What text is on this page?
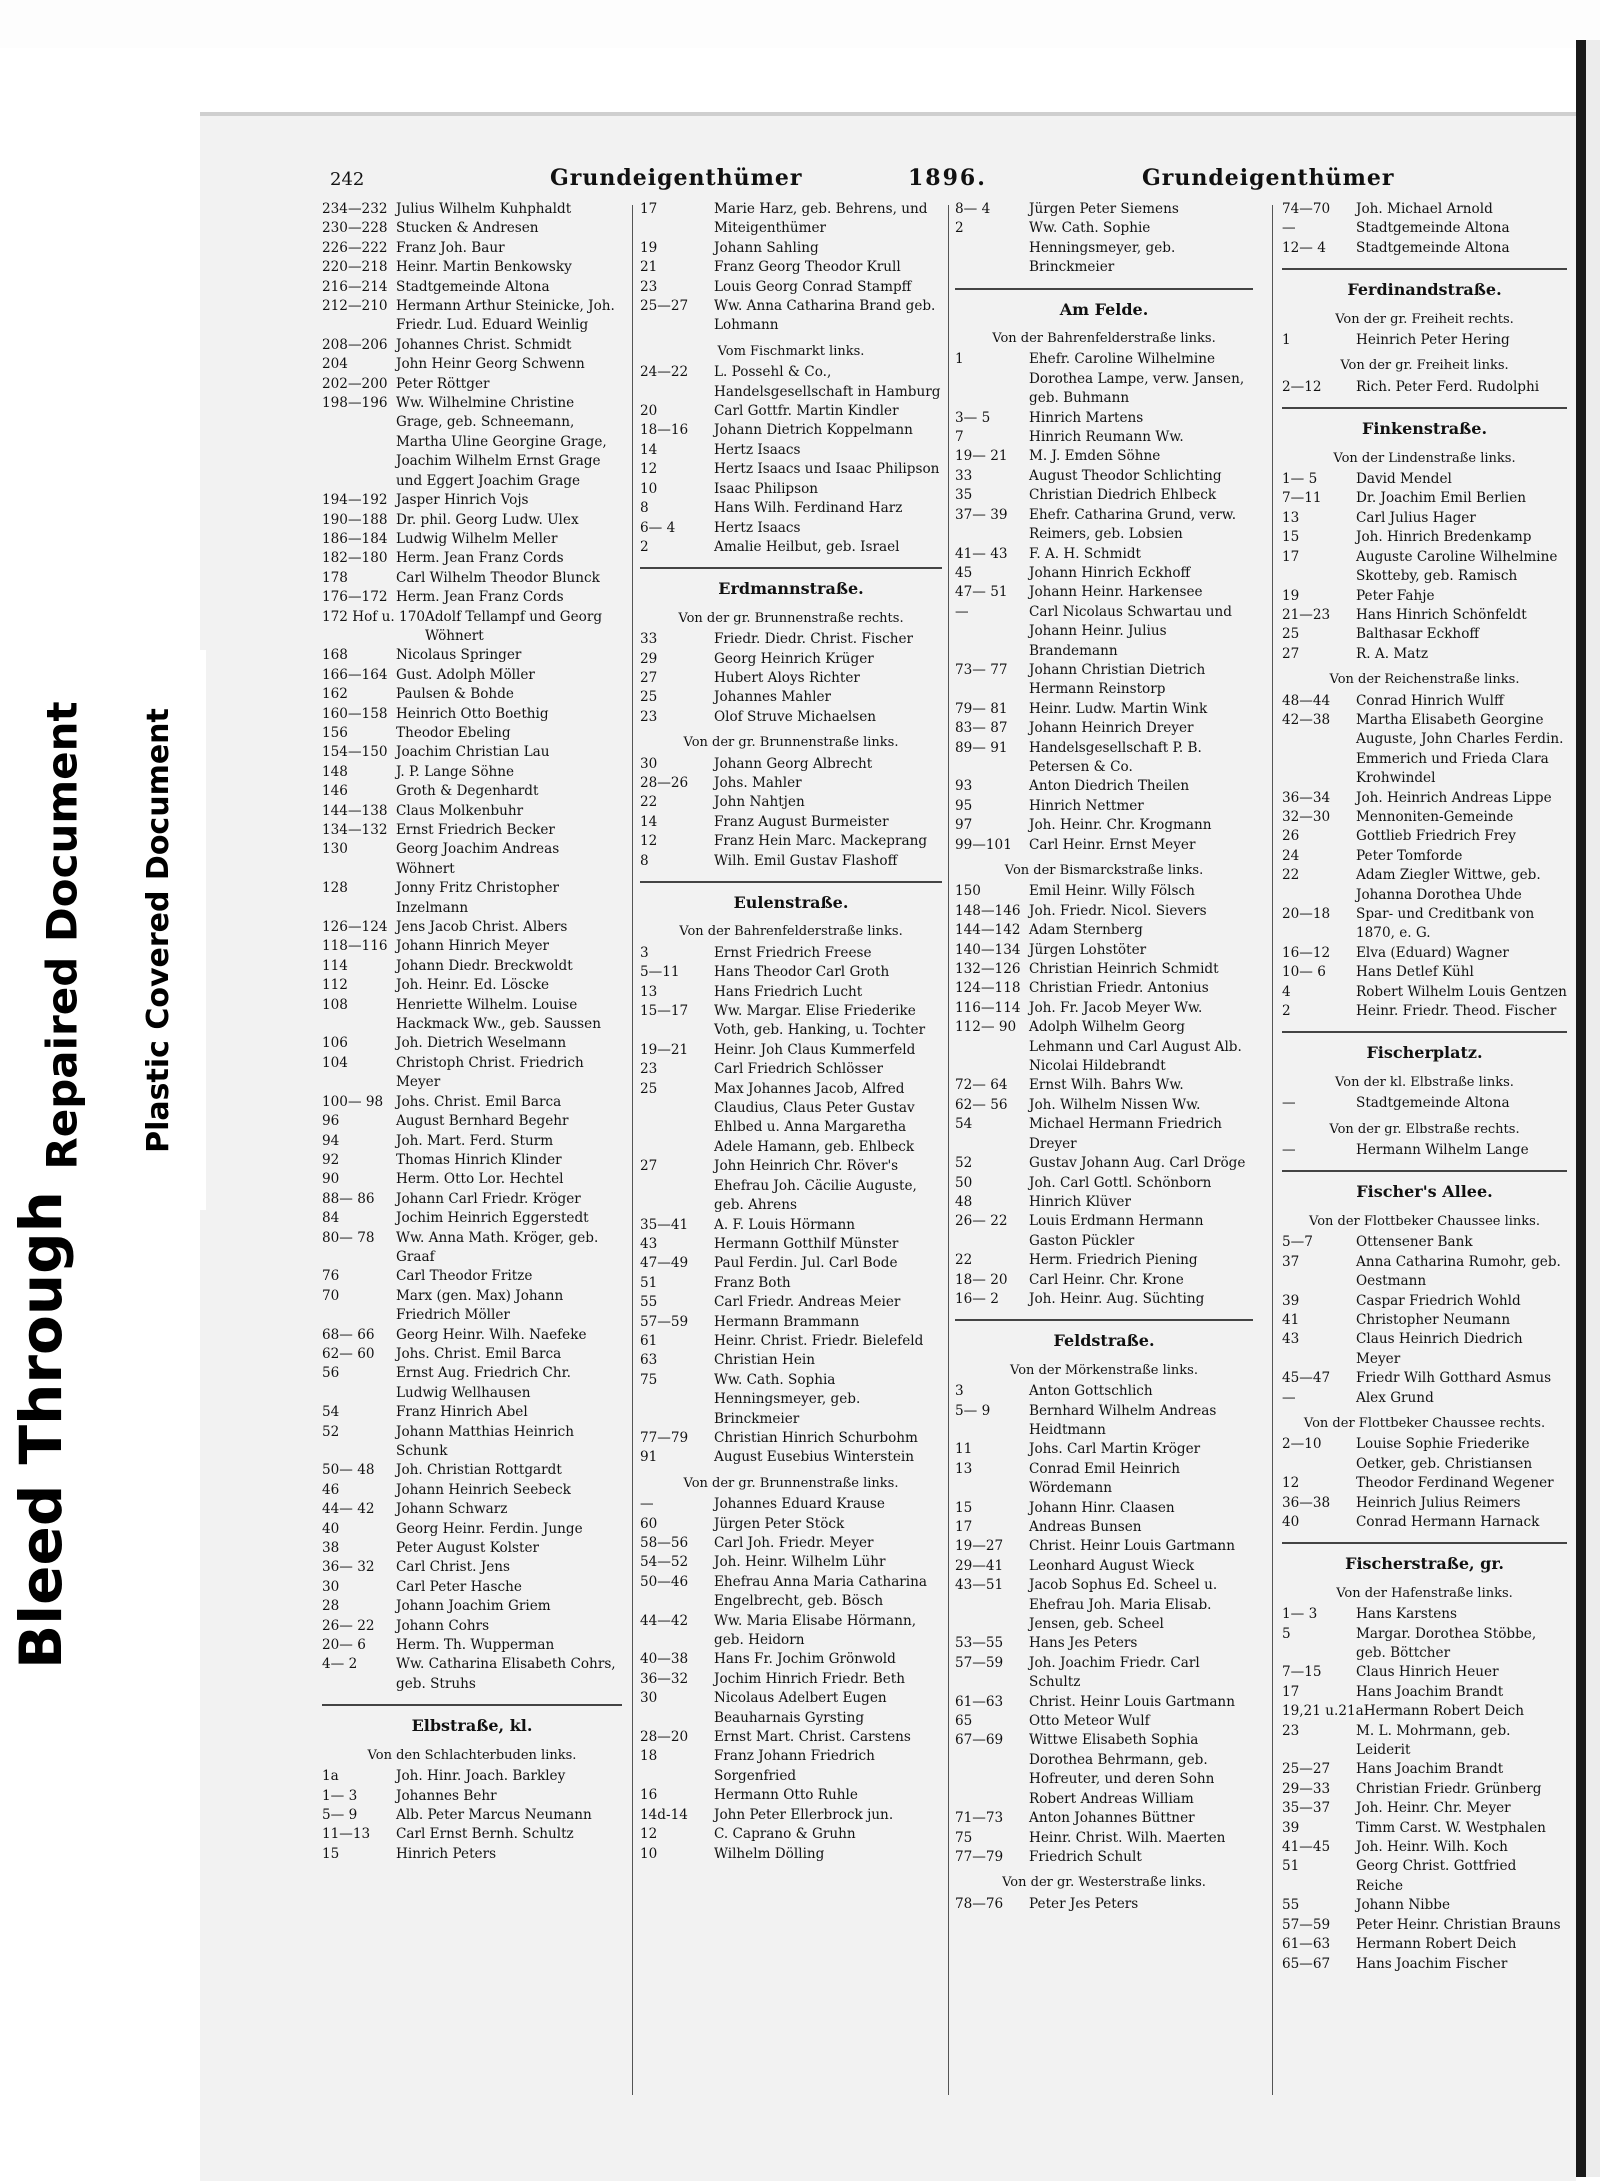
Bleed Through
Repaired Document Plastic Covered Document
242	Grundeigenthümer	1896.	Grundeigenthümer
234—232 Julius Wilhelm Kuhphaldt
230—228 Stucken & Andresen
226—222 Franz Joh. Baur
220—218 Heinr. Martin Benkowsky
216—214 Stadtgemeinde Altona
212—210 Hermann Arthur Steinicke, Joh. Friedr. Lud. Eduard Weinlig
208—206 Johannes Christ. Schmidt
204	John Heinr Georg Schwenn
202—200 Peter Röttger
198—196 Ww. Wilhelmine Christine Grage, geb. Schneemann, Martha Uline Georgine Grage, Joachim Wilhelm Ernst Grage und Eggert Joachim Grage
194—192 Jasper Hinrich Vojs
190—188 Dr. phil. Georg Ludw. Ulex
186—184 Ludwig Wilhelm Meller
182—180 Herm. Jean Franz Cords
178	Carl Wilhelm Theodor Blunck
176—172 Herm. Jean Franz Cords
172 Hof u. 170 Adolf Tellampf und Georg Wöhnert
168	Nicolaus Springer
166—164 Gust. Adolph Möller
162	Paulsen & Bohde
160—158 Heinrich Otto Boethig
156	Theodor Ebeling
154—150 Joachim Christian Lau
148	J. P. Lange Söhne
146	Groth & Degenhardt
144—138 Claus Molkenbuhr
134—132 Ernst Friedrich Becker
130	Georg Joachim Andreas Wöhnert
128	Jonny Fritz Christopher Inzelmann
126—124 Jens Jacob Christ. Albers
118—116 Johann Hinrich Meyer
114	Johann Diedr. Breckwoldt
112	Joh. Heinr. Ed. Löscke
108	Henriette Wilhelm. Louise Hackmack Ww., geb. Saussen
106	Joh. Dietrich Weselmann
104	Christoph Christ. Friedrich Meyer
100— 98 Johs. Christ. Emil Barca
96	August Bernhard Begehr
94	Joh. Mart. Ferd. Sturm
92	Thomas Hinrich Klinder
90	Herm. Otto Lor. Hechtel
88— 86	Johann Carl Friedr. Kröger
84	Jochim Heinrich Eggerstedt
80— 78	Ww. Anna Math. Kröger, geb. Graaf
76	Carl Theodor Fritze
70	Marx (gen. Max) Johann Friedrich Möller
68— 66	Georg Heinr. Wilh. Naefeke
62— 60	Johs. Christ. Emil Barca
56	Ernst Aug. Friedrich Chr. Ludwig Wellhausen
54	Franz Hinrich Abel
52	Johann Matthias Heinrich Schunk
50— 48	Joh. Christian Rottgardt
46	Johann Heinrich Seebeck
44— 42	Johann Schwarz
40	Georg Heinr. Ferdin. Junge
38	Peter August Kolster
36— 32	Carl Christ. Jens
30	Carl Peter Hasche
28	Johann Joachim Griem
26— 22	Johann Cohrs
20— 6	Herm. Th. Wupperman
4— 2	Ww. Catharina Elisabeth Cohrs, geb. Struhs
Elbstraße, kl.
Von den Schlachterbuden links.
1a	Joh. Hinr. Joach. Barkley
1— 3	Johannes Behr
5— 9	Alb. Peter Marcus Neumann
11—13	Carl Ernst Bernh. Schultz
15	Hinrich Peters
17	Marie Harz, geb. Behrens, und Miteigenthümer
19	Johann Sahling
21	Franz Georg Theodor Krull
23	Louis Georg Conrad Stampff
25—27	Ww. Anna Catharina Brand geb. Lohmann
Vom Fischmarkt links.
24—22	L. Possehl & Co., Handelsgesellschaft in Hamburg
20	Carl Gottfr. Martin Kindler
18—16	Johann Dietrich Koppelmann
14	Hertz Isaacs
12	Hertz Isaacs und Isaac Philipson
10	Isaac Philipson
8	Hans Wilh. Ferdinand Harz
6— 4	Hertz Isaacs
2	Amalie Heilbut, geb. Israel
Erdmannstraße.
Von der gr. Brunnenstraße rechts.
33	Friedr. Diedr. Christ. Fischer
29	Georg Heinrich Krüger
27	Hubert Aloys Richter
25	Johannes Mahler
23	Olof Struve Michaelsen
Von der gr. Brunnenstraße links.
30	Johann Georg Albrecht
28—26	Johs. Mahler
22	John Nahtjen
14	Franz August Burmeister
12	Franz Hein Marc. Mackeprang
8	Wilh. Emil Gustav Flashoff
Eulenstraße.
Von der Bahrenfelderstraße links.
3	Ernst Friedrich Freese
5—11	Hans Theodor Carl Groth
13	Hans Friedrich Lucht
15—17	Ww. Margar. Elise Friederike Voth, geb. Hanking, u. Tochter
19—21	Heinr. Joh Claus Kummerfeld
23	Carl Friedrich Schlösser
25	Max Johannes Jacob, Alfred Claudius, Claus Peter Gustav Ehlbed u. Anna Margaretha Adele Hamann, geb. Ehlbeck
27	John Heinrich Chr. Röver's Ehefrau Joh. Cäcilie Auguste, geb. Ahrens
35—41	A. F. Louis Hörmann
43	Hermann Gotthilf Münster
47—49	Paul Ferdin. Jul. Carl Bode
51	Franz Both
55	Carl Friedr. Andreas Meier
57—59	Hermann Brammann
61	Heinr. Christ. Friedr. Bielefeld
63	Christian Hein
75	Ww. Cath. Sophia Henningsmeyer, geb. Brinckmeier
77—79	Christian Hinrich Schurbohm
91	August Eusebius Winterstein
Von der gr. Brunnenstraße links.
—	Johannes Eduard Krause
60	Jürgen Peter Stöck
58—56	Carl Joh. Friedr. Meyer
54—52	Joh. Heinr. Wilhelm Lühr
50—46	Ehefrau Anna Maria Catharina Engelbrecht, geb. Bösch
44—42	Ww. Maria Elisabe Hörmann, geb. Heidorn
40—38	Hans Fr. Jochim Grönwold
36—32	Jochim Hinrich Friedr. Beth
30	Nicolaus Adelbert Eugen Beauharnais Gyrsting
28—20	Ernst Mart. Christ. Carstens
18	Franz Johann Friedrich Sorgenfried
16	Hermann Otto Ruhle
14d-14	John Peter Ellerbrock jun.
12	C. Caprano & Gruhn
10	Wilhelm Dölling
8— 4	Jürgen Peter Siemens
2	Ww. Cath. Sophie Henningsmeyer, geb. Brinckmeier
Am Felde.
Von der Bahrenfelderstraße links.
1	Ehefr. Caroline Wilhelmine Dorothea Lampe, verw. Jansen, geb. Buhmann
3— 5	Hinrich Martens
7	Hinrich Reumann Ww.
19— 21	M. J. Emden Söhne
33	August Theodor Schlichting
35	Christian Diedrich Ehlbeck
37— 39	Ehefr. Catharina Grund, verw. Reimers, geb. Lobsien
41— 43	F. A. H. Schmidt
45	Johann Hinrich Eckhoff
47— 51	Johann Heinr. Harkensee
—	Carl Nicolaus Schwartau und Johann Heinr. Julius Brandemann
73— 77	Johann Christian Dietrich Hermann Reinstorp
79— 81	Heinr. Ludw. Martin Wink
83— 87	Johann Heinrich Dreyer
89— 91	Handelsgesellschaft P. B. Petersen & Co.
93	Anton Diedrich Theilen
95	Hinrich Nettmer
97	Joh. Heinr. Chr. Krogmann
99—101	Carl Heinr. Ernst Meyer
Von der Bismarckstraße links.
150	Emil Heinr. Willy Fölsch
148—146 Joh. Friedr. Nicol. Sievers
144—142 Adam Sternberg
140—134 Jürgen Lohstöter
132—126 Christian Heinrich Schmidt
124—118 Christian Friedr. Antonius
116—114 Joh. Fr. Jacob Meyer Ww.
112— 90 Adolph Wilhelm Georg Lehmann und Carl August Alb. Nicolai Hildebrandt
72— 64	Ernst Wilh. Bahrs Ww.
62— 56	Joh. Wilhelm Nissen Ww.
54	Michael Hermann Friedrich Dreyer
52	Gustav Johann Aug. Carl Dröge
50	Joh. Carl Gottl. Schönborn
48	Hinrich Klüver
26— 22	Louis Erdmann Hermann Gaston Pückler
22	Herm. Friedrich Piening
18— 20	Carl Heinr. Chr. Krone
16— 2	Joh. Heinr. Aug. Süchting
Feldstraße.
Von der Mörkenstraße links.
3	Anton Gottschlich
5— 9	Bernhard Wilhelm Andreas Heidtmann
11	Johs. Carl Martin Kröger
13	Conrad Emil Heinrich Wördemann
15	Johann Hinr. Claasen
17	Andreas Bunsen
19—27	Christ. Heinr Louis Gartmann
29—41	Leonhard August Wieck
43—51	Jacob Sophus Ed. Scheel u. Ehefrau Joh. Maria Elisab. Jensen, geb. Scheel
53—55	Hans Jes Peters
57—59	Joh. Joachim Friedr. Carl Schultz
61—63	Christ. Heinr Louis Gartmann
65	Otto Meteor Wulf
67—69	Wittwe Elisabeth Sophia Dorothea Behrmann, geb. Hofreuter, und deren Sohn Robert Andreas William
71—73	Anton Johannes Büttner
75	Heinr. Christ. Wilh. Maerten
77—79	Friedrich Schult
Von der gr. Westerstraße links.
78—76	Peter Jes Peters
74—70	Joh. Michael Arnold
—	Stadtgemeinde Altona
12— 4	Stadtgemeinde Altona
Ferdinandstraße.
Von der gr. Freiheit rechts.
1	Heinrich Peter Hering
Von der gr. Freiheit links.
2—12	Rich. Peter Ferd. Rudolphi
Finkenstraße.
Von der Lindenstraße links.
1— 5	David Mendel
7—11	Dr. Joachim Emil Berlien
13	Carl Julius Hager
15	Joh. Hinrich Bredenkamp
17	Auguste Caroline Wilhelmine Skotteby, geb. Ramisch
19	Peter Fahje
21—23	Hans Hinrich Schönfeldt
25	Balthasar Eckhoff
27	R. A. Matz
Von der Reichenstraße links.
48—44	Conrad Hinrich Wulff
42—38	Martha Elisabeth Georgine Auguste, John Charles Ferdin. Emmerich und Frieda Clara Krohwindel
36—34	Joh. Heinrich Andreas Lippe
32—30	Mennoniten-Gemeinde
26	Gottlieb Friedrich Frey
24	Peter Tomforde
22	Adam Ziegler Wittwe, geb. Johanna Dorothea Uhde
20—18	Spar- und Creditbank von 1870, e. G.
16—12	Elva (Eduard) Wagner
10— 6	Hans Detlef Kühl
4	Robert Wilhelm Louis Gentzen
2	Heinr. Friedr. Theod. Fischer
Fischerplatz.
Von der kl. Elbstraße links.
—	Stadtgemeinde Altona
Von der gr. Elbstraße rechts.
—	Hermann Wilhelm Lange
Fischer's Allee.
Von der Flottbeker Chaussee links.
5—7	Ottensener Bank
37	Anna Catharina Rumohr, geb. Oestmann
39	Caspar Friedrich Wohld
41	Christopher Neumann
43	Claus Heinrich Diedrich Meyer
45—47	Friedr Wilh Gotthard Asmus
—	Alex Grund
Von der Flottbeker Chaussee rechts.
2—10	Louise Sophie Friederike Oetker, geb. Christiansen
12	Theodor Ferdinand Wegener
36—38	Heinrich Julius Reimers
40	Conrad Hermann Harnack
Fischerstraße, gr.
Von der Hafenstraße links.
1— 3	Hans Karstens
5	Margar. Dorothea Stöbbe, geb. Böttcher
7—15	Claus Hinrich Heuer
17	Hans Joachim Brandt
19,21 u.21a Hermann Robert Deich
23	M. L. Mohrmann, geb. Leiderit
25—27	Hans Joachim Brandt
29—33	Christian Friedr. Grünberg
35—37	Joh. Heinr. Chr. Meyer
39	Timm Carst. W. Westphalen
41—45	Joh. Heinr. Wilh. Koch
51	Georg Christ. Gottfried Reiche
55	Johann Nibbe
57—59	Peter Heinr. Christian Brauns
61—63	Hermann Robert Deich
65—67	Hans Joachim Fischer
